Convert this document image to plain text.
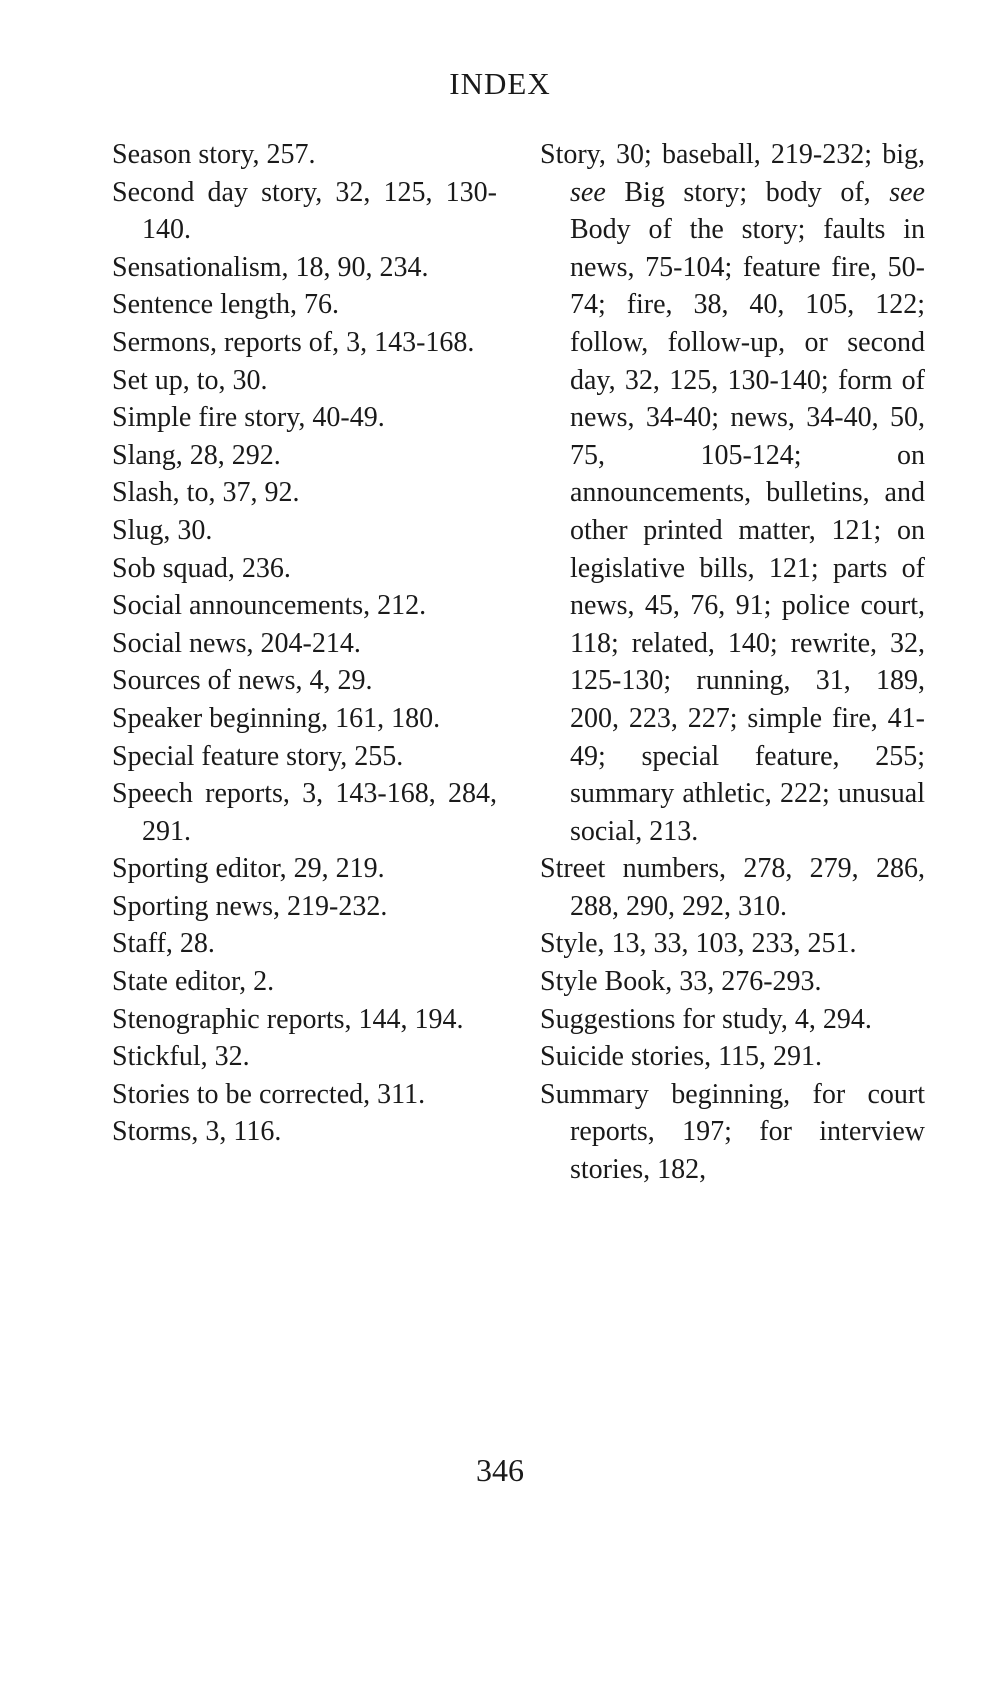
INDEX

Season story, 257.

Second day story, 32, 125, 130-140.

Sensationalism, 18, 90, 234.

Sentence length, 76.

Sermons, reports of, 3, 143-168.

Set up, to, 30.

Simple fire story, 40-49.

Slang, 28, 292.

Slash, to, 37, 92.

Slug, 30.

Sob squad, 236.

Social announcements, 212.

Social news, 204-214.

Sources of news, 4, 29.

Speaker beginning, 161, 180.

Special feature story, 255.

Speech reports, 3, 143-168, 284, 291.

Sporting editor, 29, 219.

Sporting news, 219-232.

Staff, 28.

State editor, 2.

Stenographic reports, 144, 194.

Stickful, 32.

Stories to be corrected, 311.

Storms, 3, 116.

Story, 30; baseball, 219-232; big, see Big story; body of, see Body of the story; faults in news, 75-104; feature fire, 50-74; fire, 38, 40, 105, 122; follow, follow-up, or second day, 32, 125, 130-140; form of news, 34-40; news, 34-40, 50, 75, 105-124; on announcements, bulletins, and other printed matter, 121; on legislative bills, 121; parts of news, 45, 76, 91; police court, 118; related, 140; rewrite, 32, 125-130; running, 31, 189, 200, 223, 227; simple fire, 41-49; special feature, 255; summary athletic, 222; unusual social, 213.

Street numbers, 278, 279, 286, 288, 290, 292, 310.

Style, 13, 33, 103, 233, 251.

Style Book, 33, 276-293.

Suggestions for study, 4, 294.

Suicide stories, 115, 291.

Summary beginning, for court reports, 197; for interview stories, 182,

346
